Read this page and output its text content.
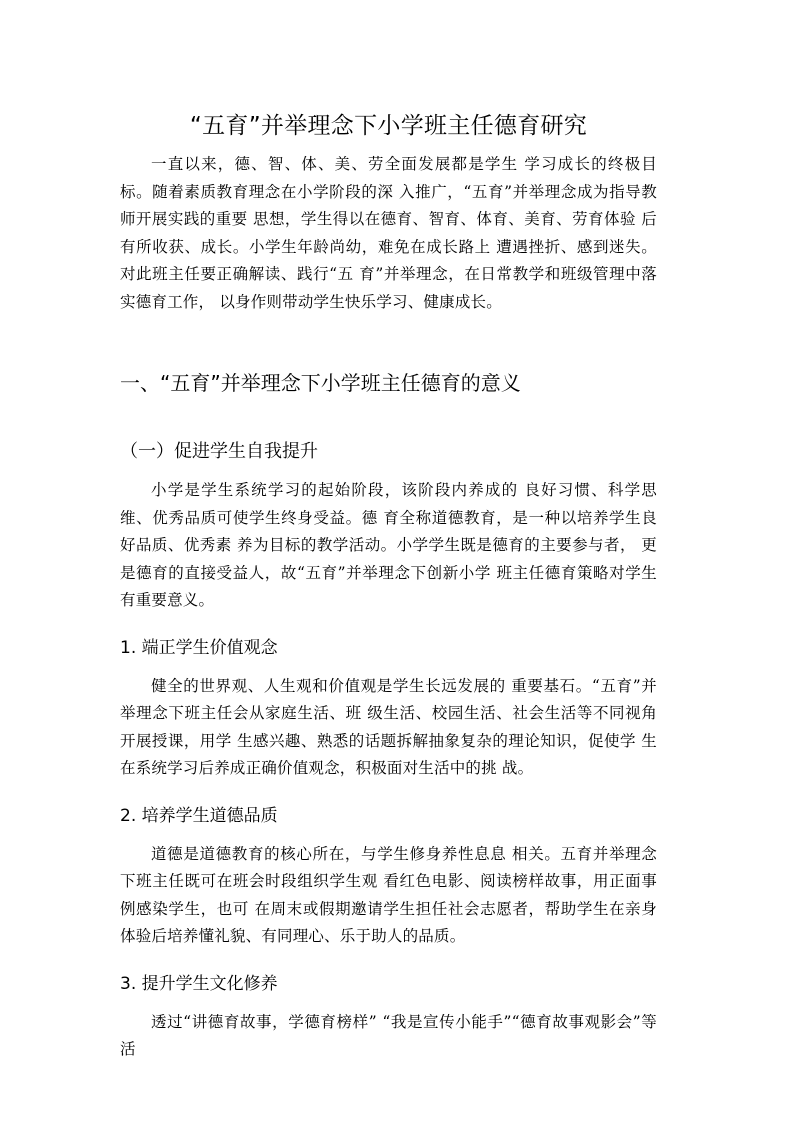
“五育”并举理念下小学班主任德育研究

一直以来，德、智、体、美、劳全面发展都是学生 学习成长的终极目标。随着素质教育理念在小学阶段的深 入推广，“五育”并举理念成为指导教师开展实践的重要 思想，学生得以在德育、智育、体育、美育、劳育体验 后有所收获、成长。小学生年龄尚幼，难免在成长路上 遭遇挫折、感到迷失。对此班主任要正确解读、践行“五 育”并举理念，在日常教学和班级管理中落实德育工作， 以身作则带动学生快乐学习、健康成长。

一、“五育”并举理念下小学班主任德育的意义
（一）促进学生自我提升

小学是学生系统学习的起始阶段，该阶段内养成的 良好习惯、科学思维、优秀品质可使学生终身受益。德 育全称道德教育，是一种以培养学生良好品质、优秀素 养为目标的教学活动。小学学生既是德育的主要参与者， 更是德育的直接受益人，故“五育”并举理念下创新小学 班主任德育策略对学生有重要意义。

1. 端正学生价值观念

健全的世界观、人生观和价值观是学生长远发展的 重要基石。“五育”并举理念下班主任会从家庭生活、班 级生活、校园生活、社会生活等不同视角开展授课，用学 生感兴趣、熟悉的话题拆解抽象复杂的理论知识，促使学 生在系统学习后养成正确价值观念，积极面对生活中的挑 战。

2. 培养学生道德品质

道德是道德教育的核心所在，与学生修身养性息息 相关。五育并举理念下班主任既可在班会时段组织学生观 看红色电影、阅读榜样故事，用正面事例感染学生，也可 在周末或假期邀请学生担任社会志愿者，帮助学生在亲身 体验后培养懂礼貌、有同理心、乐于助人的品质。

3. 提升学生文化修养

透过“讲德育故事，学德育榜样” “我是宣传小能手”“德育故事观影会”等活
